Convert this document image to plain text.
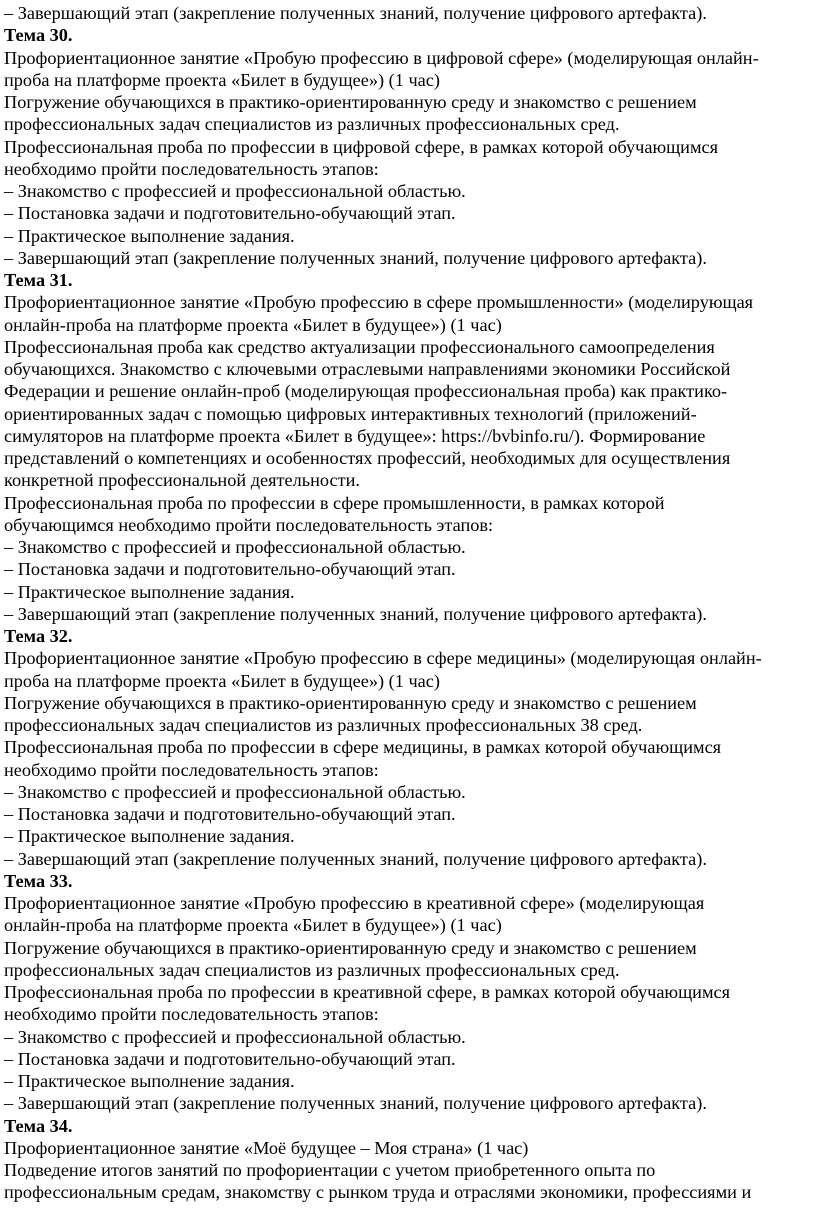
– Завершающий этап (закрепление полученных знаний, получение цифрового артефакта).

Тема 30.

Профориентационное занятие «Пробую профессию в цифровой сфере» (моделирующая онлайн-

проба на платформе проекта «Билет в будущее») (1 час)

Погружение обучающихся в практико-ориентированную среду и знакомство с решением

профессиональных задач специалистов из различных профессиональных сред.

Профессиональная проба по профессии в цифровой сфере, в рамках которой обучающимся

необходимо пройти последовательность этапов:

– Знакомство с профессией и профессиональной областью.

– Постановка задачи и подготовительно-обучающий этап.

– Практическое выполнение задания.

– Завершающий этап (закрепление полученных знаний, получение цифрового артефакта).

Тема 31.

Профориентационное занятие «Пробую профессию в сфере промышленности» (моделирующая

онлайн-проба на платформе проекта «Билет в будущее») (1 час)

Профессиональная проба как средство актуализации профессионального самоопределения

обучающихся. Знакомство с ключевыми отраслевыми направлениями экономики Российской

Федерации и решение онлайн-проб (моделирующая профессиональная проба) как практико-

ориентированных задач с помощью цифровых интерактивных технологий (приложений-

симуляторов на платформе проекта «Билет в будущее»: https://bvbinfo.ru/). Формирование

представлений о компетенциях и особенностях профессий, необходимых для осуществления

конкретной профессиональной деятельности.

Профессиональная проба по профессии в сфере промышленности, в рамках которой

обучающимся необходимо пройти последовательность этапов:

– Знакомство с профессией и профессиональной областью.

– Постановка задачи и подготовительно-обучающий этап.

– Практическое выполнение задания.

– Завершающий этап (закрепление полученных знаний, получение цифрового артефакта).

Тема 32.

Профориентационное занятие «Пробую профессию в сфере медицины» (моделирующая онлайн-

проба на платформе проекта «Билет в будущее») (1 час)

Погружение обучающихся в практико-ориентированную среду и знакомство с решением

профессиональных задач специалистов из различных профессиональных 38 сред.

Профессиональная проба по профессии в сфере медицины, в рамках которой обучающимся

необходимо пройти последовательность этапов:

– Знакомство с профессией и профессиональной областью.

– Постановка задачи и подготовительно-обучающий этап.

– Практическое выполнение задания.

– Завершающий этап (закрепление полученных знаний, получение цифрового артефакта).

Тема 33.

Профориентационное занятие «Пробую профессию в креативной сфере» (моделирующая

онлайн-проба на платформе проекта «Билет в будущее») (1 час)

Погружение обучающихся в практико-ориентированную среду и знакомство с решением

профессиональных задач специалистов из различных профессиональных сред.

Профессиональная проба по профессии в креативной сфере, в рамках которой обучающимся

необходимо пройти последовательность этапов:

– Знакомство с профессией и профессиональной областью.

– Постановка задачи и подготовительно-обучающий этап.

– Практическое выполнение задания.

– Завершающий этап (закрепление полученных знаний, получение цифрового артефакта).

Тема 34.

Профориентационное занятие «Моё будущее – Моя страна» (1 час)

Подведение итогов занятий по профориентации с учетом приобретенного опыта по

профессиональным средам, знакомству с рынком труда и отраслями экономики, профессиями и
